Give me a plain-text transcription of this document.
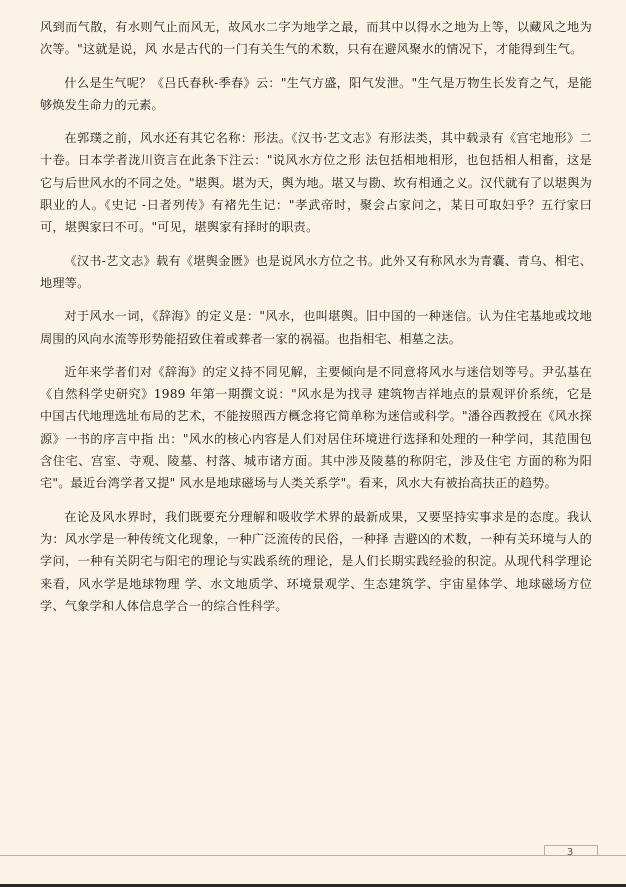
风到而气散，有水则气止而风无，故风水二字为地学之最，而其中以得水之地为上等，以藏风之地为次等。"这就是说，风 水是古代的一门有关生气的术数，只有在避风聚水的情况下，才能得到生气。

什么是生气呢？《吕氏春秋-季春》云："生气方盛，阳气发泄。"生气是万物生长发育之气，是能够焕发生命力的元素。

在郭璞之前，风水还有其它名称：形法。《汉书·艺文志》有形法类，其中载录有《宫宅地形》二十卷。日本学者泷川资言在此条下注云："说风水方位之形 法包括相地相形，也包括相人相畜，这是它与后世风水的不同之处。"堪舆。堪为天，舆为地。堪又与勘、坎有相通之义。汉代就有了以堪舆为职业的人。《史记 -日者列传》有褚先生记："孝武帝时，聚会占家问之，某日可取妇乎？五行家曰可，堪舆家曰不可。"可见，堪舆家有择时的职责。

《汉书-艺文志》载有《堪舆金匮》也是说风水方位之书。此外又有称风水为青囊、青乌、相宅、地理等。

对于风水一词，《辞海》的定义是："风水，也叫堪舆。旧中国的一种迷信。认为住宅基地或坟地周围的风向水流等形势能招致住着或葬者一家的祸福。也指相宅、相墓之法。

近年来学者们对《辞海》的定义持不同见解，主要倾向是不同意将风水与迷信划等号。尹弘基在《自然科学史研究》1989 年第一期撰文说："风水是为找寻 建筑物吉祥地点的景观评价系统，它是中国古代地理选址布局的艺术，不能按照西方概念将它简单称为迷信或科学。"潘谷西教授在《风水探源》一书的序言中指 出："风水的核心内容是人们对居住环境进行选择和处理的一种学问，其范围包含住宅、宫室、寺观、陵墓、村落、城市诸方面。其中涉及陵墓的称阴宅，涉及住宅 方面的称为阳宅"。最近台湾学者又提" 风水是地球磁场与人类关系学"。看来，风水大有被抬高扶正的趋势。

在论及风水界时，我们既要充分理解和吸收学术界的最新成果，又要坚持实事求是的态度。我认为：风水学是一种传统文化现象，一种广泛流传的民俗，一种择 吉避凶的术数，一种有关环境与人的学问，一种有关阴宅与阳宅的理论与实践系统的理论，是人们长期实践经验的积淀。从现代科学理论来看，风水学是地球物理 学、水文地质学、环境景观学、生态建筑学、宇宙星体学、地球磁场方位学、气象学和人体信息学合一的综合性科学。

3
